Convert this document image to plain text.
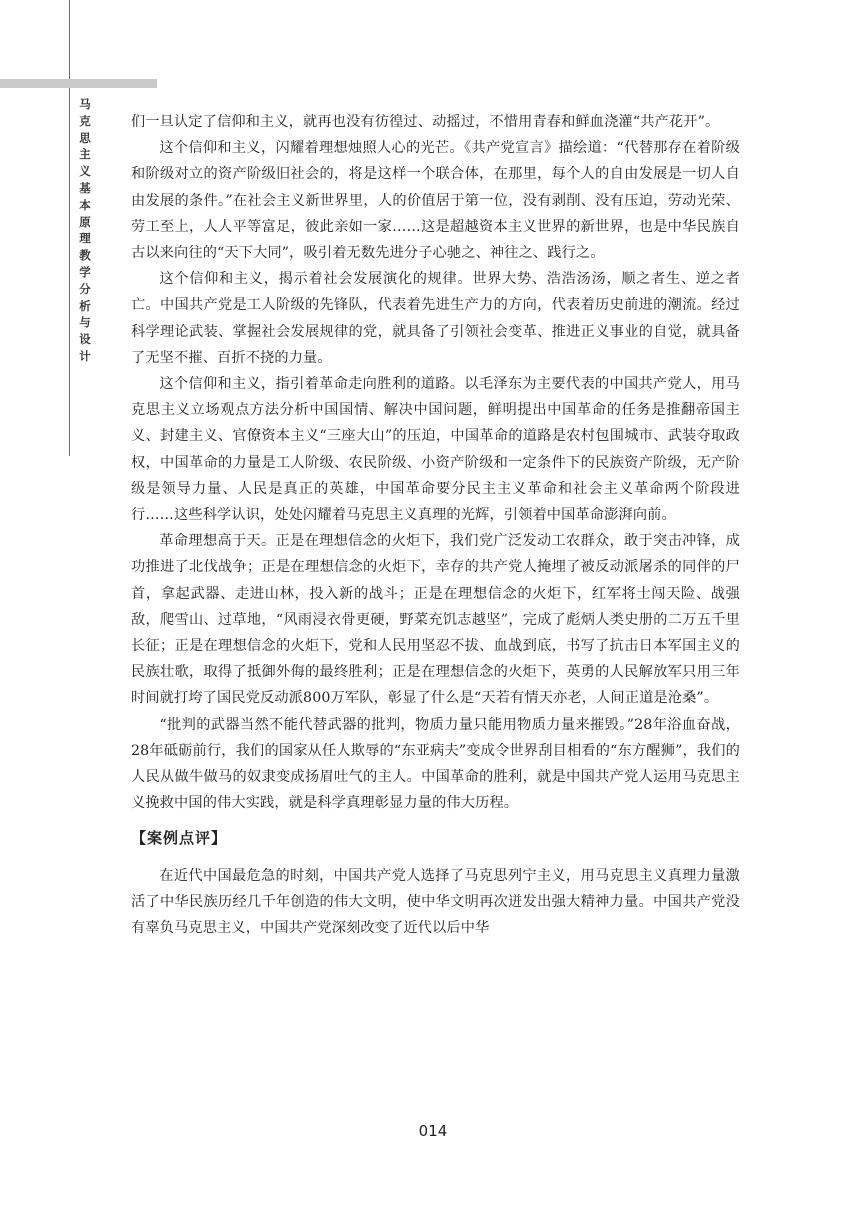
马
克
思
主
义
基
本
原
理
教
学
分
析
与
设
计

们一旦认定了信仰和主义，就再也没有彷徨过、动摇过，不惜用青春和鲜血浇灌“共产花开”。

这个信仰和主义，闪耀着理想烛照人心的光芒。《共产党宣言》描绘道：“代替那存在着阶级和阶级对立的资产阶级旧社会的，将是这样一个联合体，在那里，每个人的自由发展是一切人自由发展的条件。”在社会主义新世界里，人的价值居于第一位，没有剥削、没有压迫，劳动光荣、劳工至上，人人平等富足，彼此亲如一家……这是超越资本主义世界的新世界，也是中华民族自古以来向往的“天下大同”，吸引着无数先进分子心驰之、神往之、践行之。

这个信仰和主义，揭示着社会发展演化的规律。世界大势、浩浩汤汤，顺之者生、逆之者亡。中国共产党是工人阶级的先锋队，代表着先进生产力的方向，代表着历史前进的潮流。经过科学理论武装、掌握社会发展规律的党，就具备了引领社会变革、推进正义事业的自觉，就具备了无坚不摧、百折不挠的力量。

这个信仰和主义，指引着革命走向胜利的道路。以毛泽东为主要代表的中国共产党人，用马克思主义立场观点方法分析中国国情、解决中国问题，鲜明提出中国革命的任务是推翻帝国主义、封建主义、官僚资本主义“三座大山”的压迫，中国革命的道路是农村包围城市、武装夺取政权，中国革命的力量是工人阶级、农民阶级、小资产阶级和一定条件下的民族资产阶级，无产阶级是领导力量、人民是真正的英雄，中国革命要分民主主义革命和社会主义革命两个阶段进行……这些科学认识，处处闪耀着马克思主义真理的光辉，引领着中国革命澎湃向前。

革命理想高于天。正是在理想信念的火炬下，我们党广泛发动工农群众，敢于突击冲锋，成功推进了北伐战争；正是在理想信念的火炬下，幸存的共产党人掩埋了被反动派屠杀的同伴的尸首，拿起武器、走进山林，投入新的战斗；正是在理想信念的火炬下，红军将士闯天险、战强敌，爬雪山、过草地，“风雨浸衣骨更硬，野菜充饥志越坚”，完成了彪炳人类史册的二万五千里长征；正是在理想信念的火炬下，党和人民用坚忍不拔、血战到底，书写了抗击日本军国主义的民族壮歌，取得了抵御外侮的最终胜利；正是在理想信念的火炬下，英勇的人民解放军只用三年时间就打垮了国民党反动派800万军队，彰显了什么是“天若有情天亦老，人间正道是沧桑”。

“批判的武器当然不能代替武器的批判，物质力量只能用物质力量来摧毁。”28年浴血奋战，28年砥砺前行，我们的国家从任人欺辱的“东亚病夫”变成令世界刮目相看的“东方醒狮”，我们的人民从做牛做马的奴隶变成扬眉吐气的主人。中国革命的胜利，就是中国共产党人运用马克思主义挽救中国的伟大实践，就是科学真理彰显力量的伟大历程。

【案例点评】

在近代中国最危急的时刻，中国共产党人选择了马克思列宁主义，用马克思主义真理力量激活了中华民族历经几千年创造的伟大文明，使中华文明再次迸发出强大精神力量。中国共产党没有辜负马克思主义，中国共产党深刻改变了近代以后中华

014
